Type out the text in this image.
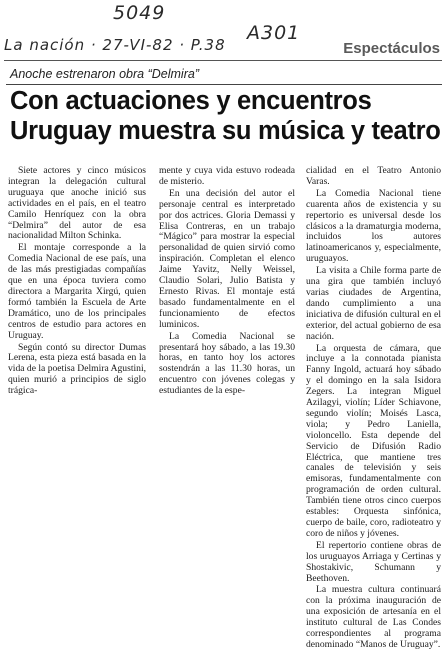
5049
La nación · 27-VI-82 · P.38
A301
Espectáculos
Anoche estrenaron obra “Delmira”
Con actuaciones y encuentros
Uruguay muestra su música y teatro

Siete actores y cinco músicos integran la delegación cultural uruguaya que anoche inició sus actividades en el país, en el teatro Camilo Henríquez con la obra “Delmira” del autor de esa nacionalidad Milton Schinka.

El montaje corresponde a la Comedia Nacional de ese país, una de las más prestigiadas compañías que en una época tuviera como directora a Margarita Xirgú, quien formó también la Escuela de Arte Dramático, uno de los principales centros de estudio para actores en Uruguay.

Según contó su director Dumas Lerena, esta pieza está basada en la vida de la poetisa Delmira Agustini, quien murió a principios de siglo trágica-

mente y cuya vida estuvo rodeada de misterio.

En una decisión del autor el personaje central es interpretado por dos actrices. Gloria Demassi y Elisa Contreras, en un trabajo “Mágico” para mostrar la especial personalidad de quien sirvió como inspiración. Completan el elenco Jaime Yavitz, Nelly Weissel, Claudio Solari, Julio Batista y Ernesto Rivas. El montaje está basado fundamentalmente en el funcionamiento de efectos luminicos.

La Comedia Nacional se presentará hoy sábado, a las 19.30 horas, en tanto hoy los actores sostendrán a las 11.30 horas, un encuentro con jóvenes colegas y estudiantes de la espe-

cialidad en el Teatro Antonio Varas.

La Comedia Nacional tiene cuarenta años de existencia y su repertorio es universal desde los clásicos a la dramaturgia moderna, incluidos los autores latinoamericanos y, especialmente, uruguayos.

La visita a Chile forma parte de una gira que también incluyó varias ciudades de Argentina, dando cumplimiento a una iniciativa de difusión cultural en el exterior, del actual gobierno de esa nación.

La orquesta de cámara, que incluye a la connotada pianista Fanny Ingold, actuará hoy sábado y el domingo en la sala Isidora Zegers. La integran Miguel Azilagyi, violín; Líder Schiavone, segundo violín; Moisés Lasca, viola; y Pedro Laniella, violoncello. Esta depende del Servicio de Difusión Radio Eléctrica, que mantiene tres canales de televisión y seis emisoras, fundamentalmente con programación de orden cultural. También tiene otros cinco cuerpos estables: Orquesta sinfónica, cuerpo de baile, coro, radioteatro y coro de niños y jóvenes.

El repertorio contiene obras de los uruguayos Arriaga y Certinas y Shostakivic, Schumann y Beethoven.

La muestra cultura continuará con la próxima inauguración de una exposición de artesanía en el instituto cultural de Las Condes correspondientes al programa denominado “Manos de Uruguay”.
